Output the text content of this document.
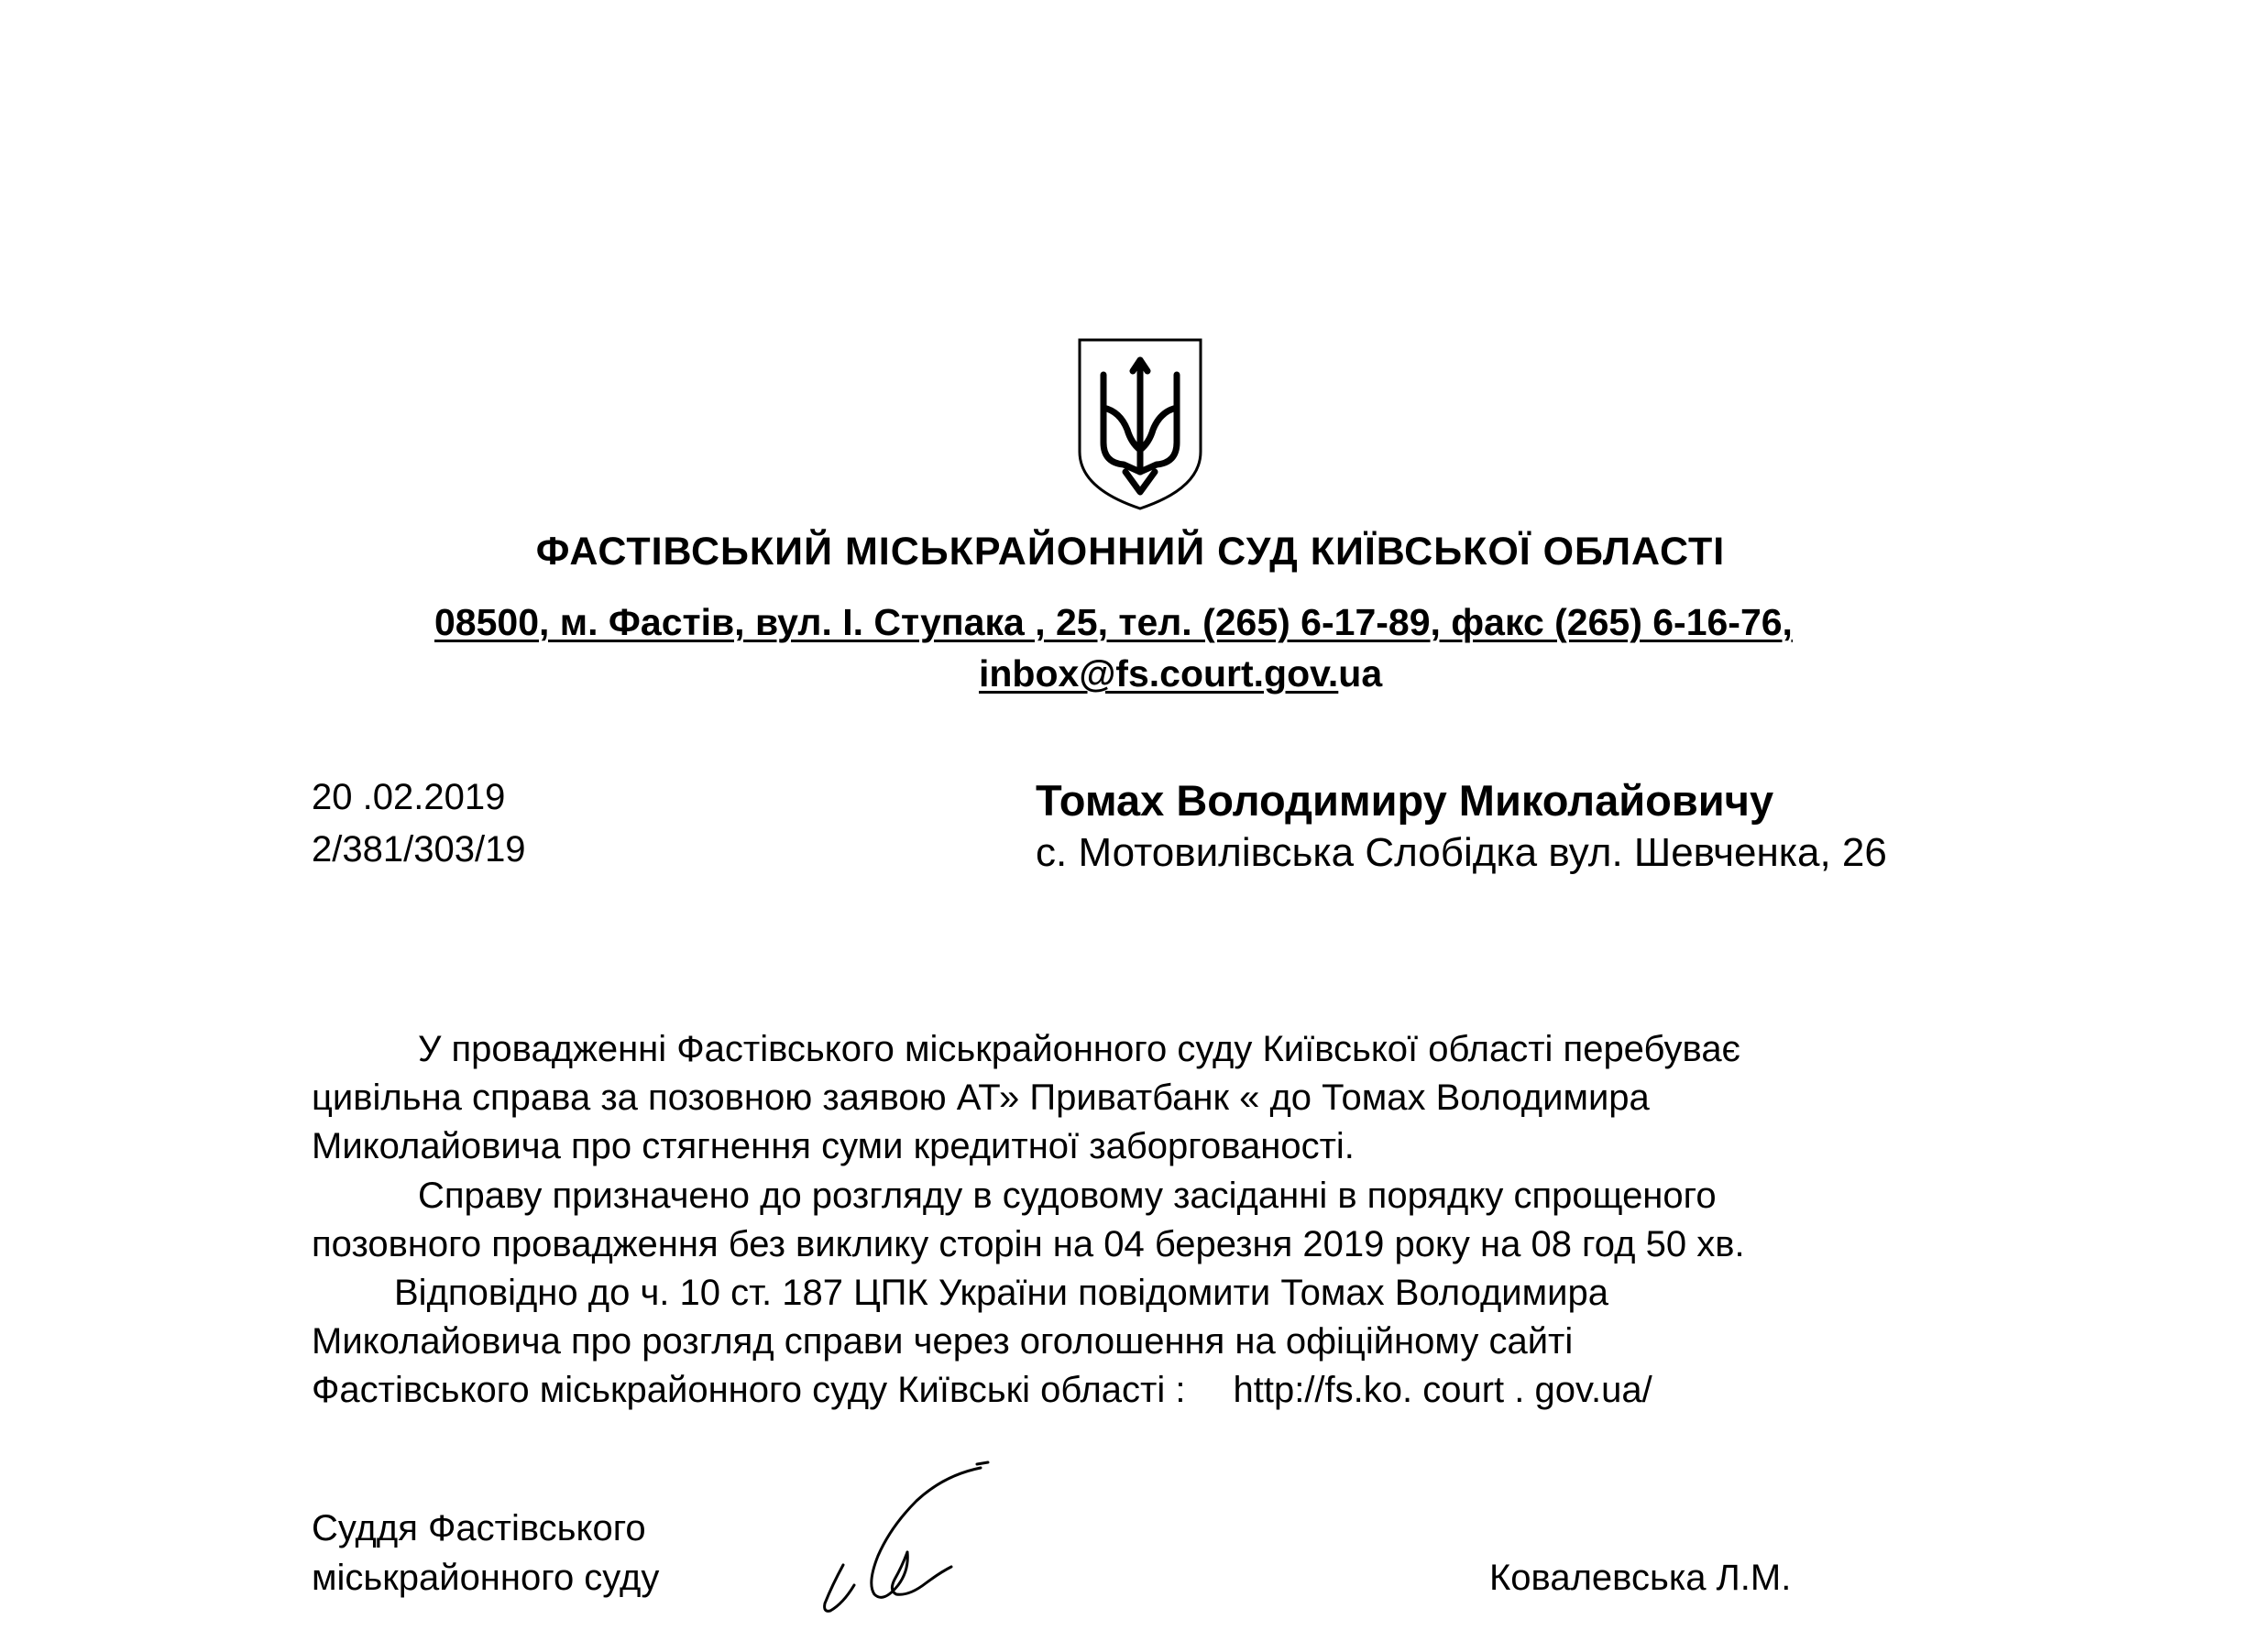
ФАСТІВСЬКИЙ МІСЬКРАЙОННИЙ СУД КИЇВСЬКОЇ ОБЛАСТІ
08500, м. Фастів, вул. І. Ступака , 25, тел. (265) 6-17-89, факс (265) 6-16-76,
inbox@fs.court.gov.ua
20 .02.2019
2/381/303/19
Томах Володимиру Миколайовичу
с. Мотовилівська Слобідка вул. Шевченка, 26
У провадженні Фастівського міськрайонного суду Київської області перебуває
цивільна справа за позовною заявою АТ» Приватбанк « до Томах Володимира
Миколайовича про стягнення суми кредитної заборгованості.
Справу призначено до розгляду в судовому засіданні в порядку спрощеного
позовного провадження без виклику сторін на 04 березня 2019 року на 08 год 50 хв.
Відповідно до ч. 10 ст. 187 ЦПК України повідомити Томах Володимира
Миколайовича про розгляд справи через оголошення на офіційному сайті
Фастівського міськрайонного суду Київські області : http://fs.ko. court . gov.ua/
Суддя Фастівського
міськрайонного суду	Ковалевська Л.М.
